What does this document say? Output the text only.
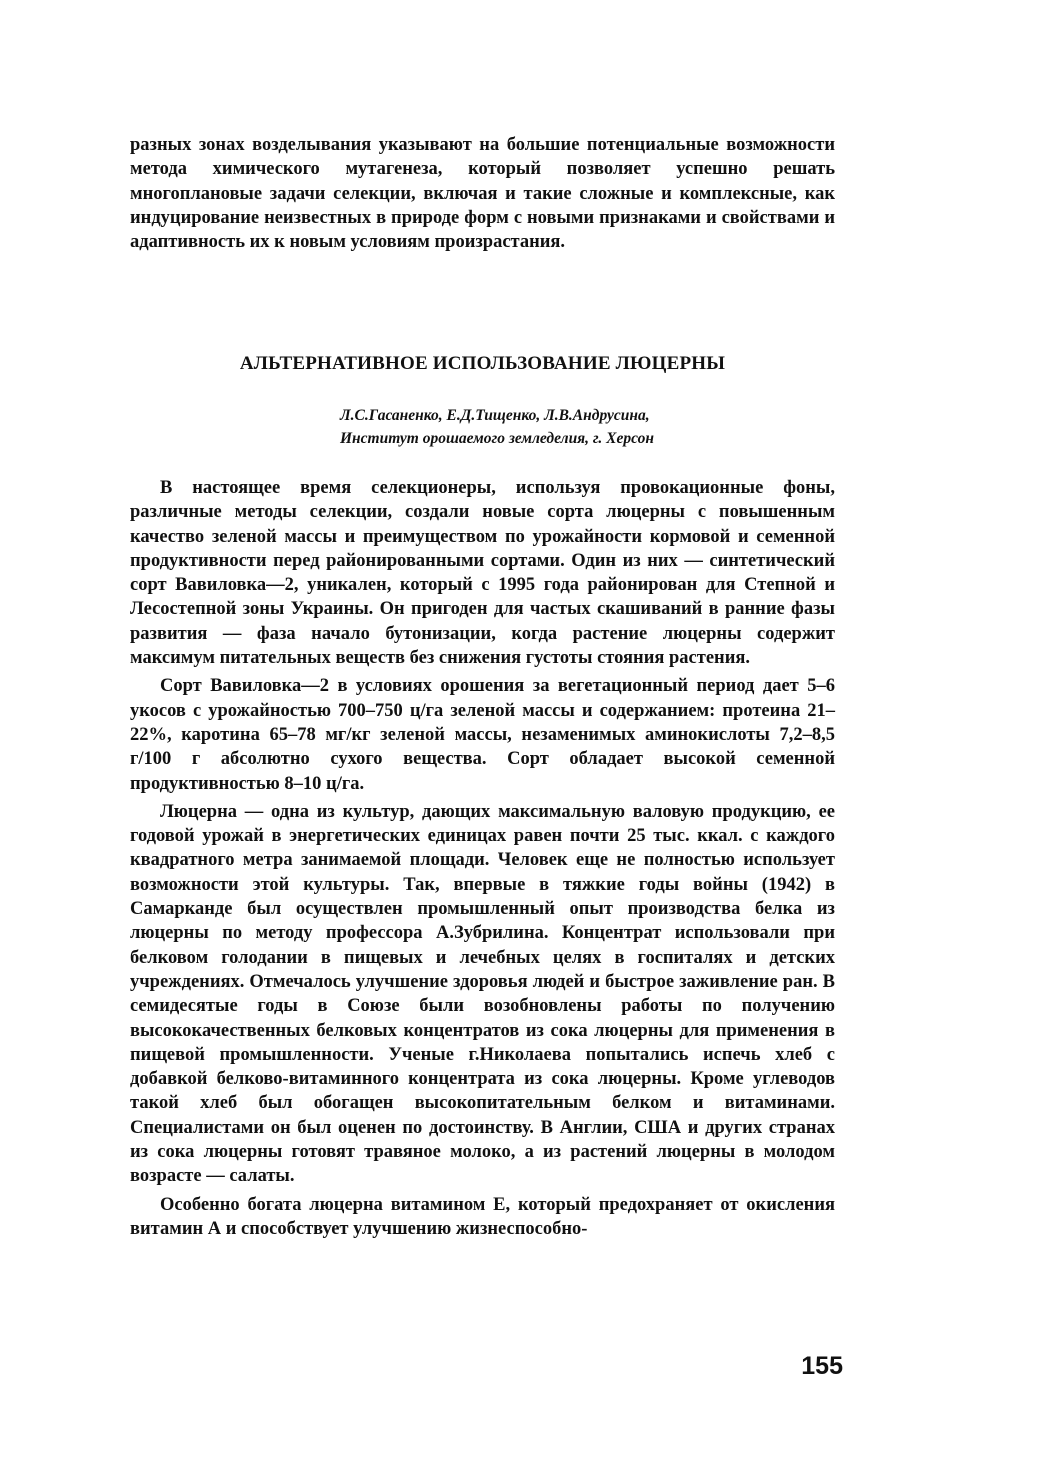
разных зонах возделывания указывают на большие потенциальные возможности метода химического мутагенеза, который позволяет успешно решать многоплановые задачи селекции, включая и такие сложные и комплексные, как индуцирование неизвестных в природе форм с новыми признаками и свойствами и адаптивность их к новым условиям произрастания.

АЛЬТЕРНАТИВНОЕ ИСПОЛЬЗОВАНИЕ ЛЮЦЕРНЫ
Л.С.Гасаненко, Е.Д.Тищенко, Л.В.Андрусина,
Институт орошаемого земледелия, г. Херсон

В настоящее время селекционеры, используя провокационные фоны, различные методы селекции, создали новые сорта люцерны с повышенным качество зеленой массы и преимуществом по урожайности кормовой и семенной продуктивности перед районированными сортами. Один из них — синтетический сорт Вавиловка—2, уникален, который с 1995 года районирован для Степной и Лесостепной зоны Украины. Он пригоден для частых скашиваний в ранние фазы развития — фаза начало бутонизации, когда растение люцерны содержит максимум питательных веществ без снижения густоты стояния растения.

Сорт Вавиловка—2 в условиях орошения за вегетационный период дает 5–6 укосов с урожайностью 700–750 ц/га зеленой массы и содержанием: протеина 21–22%, каротина 65–78 мг/кг зеленой массы, незаменимых аминокислоты 7,2–8,5 г/100 г абсолютно сухого вещества. Сорт обладает высокой семенной продуктивностью 8–10 ц/га.

Люцерна — одна из культур, дающих максимальную валовую продукцию, ее годовой урожай в энергетических единицах равен почти 25 тыс. ккал. с каждого квадратного метра занимаемой площади. Человек еще не полностью использует возможности этой культуры. Так, впервые в тяжкие годы войны (1942) в Самарканде был осуществлен промышленный опыт производства белка из люцерны по методу профессора А.Зубрилина. Концентрат использовали при белковом голодании в пищевых и лечебных целях в госпиталях и детских учреждениях. Отмечалось улучшение здоровья людей и быстрое заживление ран. В семидесятые годы в Союзе были возобновлены работы по получению высококачественных белковых концентратов из сока люцерны для применения в пищевой промышленности. Ученые г.Николаева попытались испечь хлеб с добавкой белково-витаминного концентрата из сока люцерны. Кроме углеводов такой хлеб был обогащен высокопитательным белком и витаминами. Специалистами он был оценен по достоинству. В Англии, США и других странах из сока люцерны готовят травяное молоко, а из растений люцерны в молодом возрасте — салаты.

Особенно богата люцерна витамином Е, который предохраняет от окисления витамин А и способствует улучшению жизнеспособно-

155
